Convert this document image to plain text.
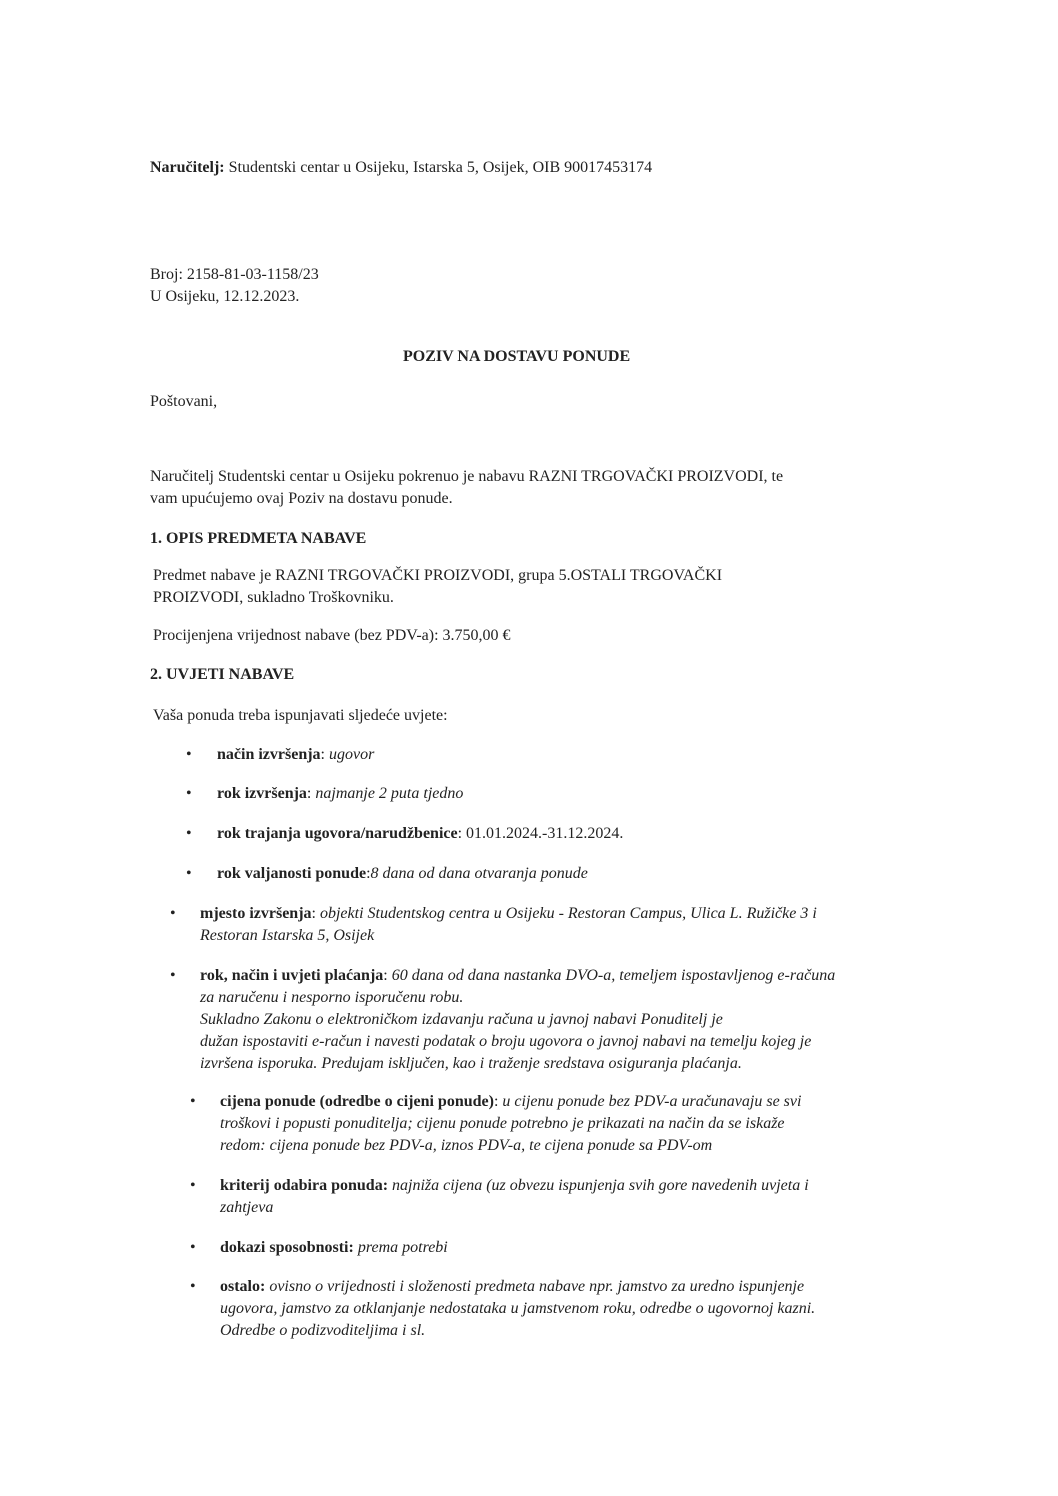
Naručitelj: Studentski centar u Osijeku, Istarska 5, Osijek, OIB 90017453174
Broj: 2158-81-03-1158/23
U Osijeku, 12.12.2023.
POZIV NA DOSTAVU PONUDE
Poštovani,
Naručitelj Studentski centar u Osijeku pokrenuo je nabavu RAZNI TRGOVAČKI PROIZVODI, te
vam upućujemo ovaj Poziv na dostavu ponude.
1. OPIS PREDMETA NABAVE
Predmet nabave je RAZNI TRGOVAČKI PROIZVODI, grupa 5.OSTALI TRGOVAČKI
PROIZVODI, sukladno Troškovniku.
Procijenjena vrijednost nabave (bez PDV-a): 3.750,00 €
2. UVJETI NABAVE
Vaša ponuda treba ispunjavati sljedeće uvjete:
• način izvršenja: ugovor
• rok izvršenja: najmanje 2 puta tjedno
• rok trajanja ugovora/narudžbenice: 01.01.2024.-31.12.2024.
• rok valjanosti ponude:8 dana od dana otvaranja ponude
• mjesto izvršenja: objekti Studentskog centra u Osijeku - Restoran Campus, Ulica L. Ružičke 3 i
Restoran Istarska 5, Osijek
• rok, način i uvjeti plaćanja: 60 dana od dana nastanka DVO-a, temeljem ispostavljenog e-računa
za naručenu i nesporno isporučenu robu.
Sukladno Zakonu o elektroničkom izdavanju računa u javnoj nabavi Ponuditelj je
dužan ispostaviti e-račun i navesti podatak o broju ugovora o javnoj nabavi na temelju kojeg je
izvršena isporuka. Predujam isključen, kao i traženje sredstava osiguranja plaćanja.
• cijena ponude (odredbe o cijeni ponude): u cijenu ponude bez PDV-a uračunavaju se svi
troškovi i popusti ponuditelja; cijenu ponude potrebno je prikazati na način da se iskaže
redom: cijena ponude bez PDV-a, iznos PDV-a, te cijena ponude sa PDV-om
• kriterij odabira ponuda: najniža cijena (uz obvezu ispunjenja svih gore navedenih uvjeta i
zahtjeva
• dokazi sposobnosti: prema potrebi
• ostalo: ovisno o vrijednosti i složenosti predmeta nabave npr. jamstvo za uredno ispunjenje
ugovora, jamstvo za otklanjanje nedostataka u jamstvenom roku, odredbe o ugovornoj kazni.
Odredbe o podizvoditeljima i sl.
